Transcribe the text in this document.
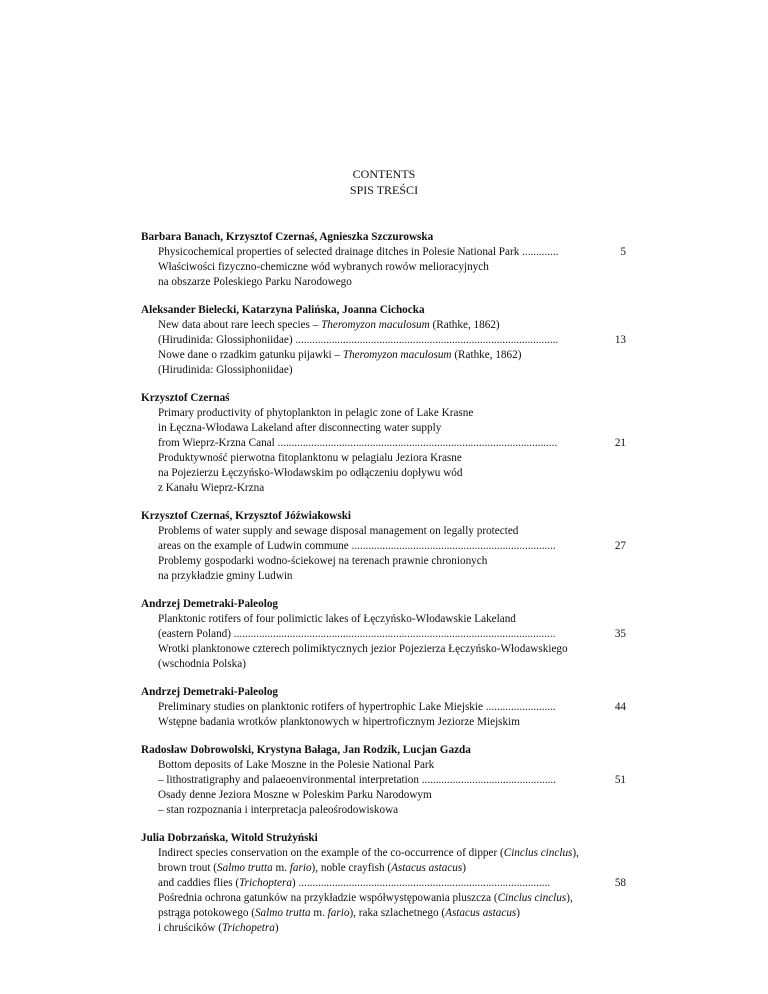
CONTENTS
SPIS TREŚCI
Barbara Banach, Krzysztof Czernaś, Agnieszka Szczurowska
Physicochemical properties of selected drainage ditches in Polesie National Park .............
Właściwości fizyczno-chemiczne wód wybranych rowów melioracyjnych
na obszarze Poleskiego Parku Narodowego
5
Aleksander Bielecki, Katarzyna Palińska, Joanna Cichocka
New data about rare leech species – Theromyzon maculosum (Rathke, 1862)
(Hirudinida: Glossiphoniidae) ..............................................................................................
Nowe dane o rzadkim gatunku pijawki – Theromyzon maculosum (Rathke, 1862)
(Hirudinida: Glossiphoniidae)
13
Krzysztof Czernaś
Primary productivity of phytoplankton in pelagic zone of Lake Krasne
in Łęczna-Włodawa Lakeland after disconnecting water supply
from Wieprz-Krzna Canal ....................................................................................................
Produktywność pierwotna fitoplanktonu w pelagialu Jeziora Krasne
na Pojezierzu Łęczyńsko-Włodawskim po odłączeniu dopływu wód
z Kanału Wieprz-Krzna
21
Krzysztof Czernaś, Krzysztof Jóźwiakowski
Problems of water supply and sewage disposal management on legally protected
areas on the example of Ludwin commune .........................................................................
Problemy gospodarki wodno-ściekowej na terenach prawnie chronionych
na przykładzie gminy Ludwin
27
Andrzej Demetraki-Paleolog
Planktonic rotifers of four polimictic lakes of Łęczyńsko-Włodawskie Lakeland
(eastern Poland) ...................................................................................................................
Wrotki planktonowe czterech polimiktycznych jezior Pojezierza Łęczyńsko-Włodawskiego
(wschodnia Polska)
35
Andrzej Demetraki-Paleolog
Preliminary studies on planktonic rotifers of hypertrophic Lake Miejskie .........................
Wstępne badania wrotków planktonowych w hipertroficznym Jeziorze Miejskim
44
Radosław Dobrowolski, Krystyna Bałaga, Jan Rodzik, Lucjan Gazda
Bottom deposits of Lake Moszne in the Polesie National Park
– lithostratigraphy and palaeoenvironmental interpretation ................................................
Osady denne Jeziora Moszne w Poleskim Parku Narodowym
– stan rozpoznania i interpretacja paleośrodowiskowa
51
Julia Dobrzańska, Witold Strużyński
Indirect species conservation on the example of the co-occurrence of dipper (Cinclus cinclus),
brown trout (Salmo trutta m. fario), noble crayfish (Astacus astacus)
and caddies flies (Trichoptera) ..........................................................................................
Pośrednia ochrona gatunków na przykładzie współwystępowania pluszcza (Cinclus cinclus),
pstrąga potokowego (Salmo trutta m. fario), raka szlachetnego (Astacus astacus)
i chruścików (Trichopetra)
58
